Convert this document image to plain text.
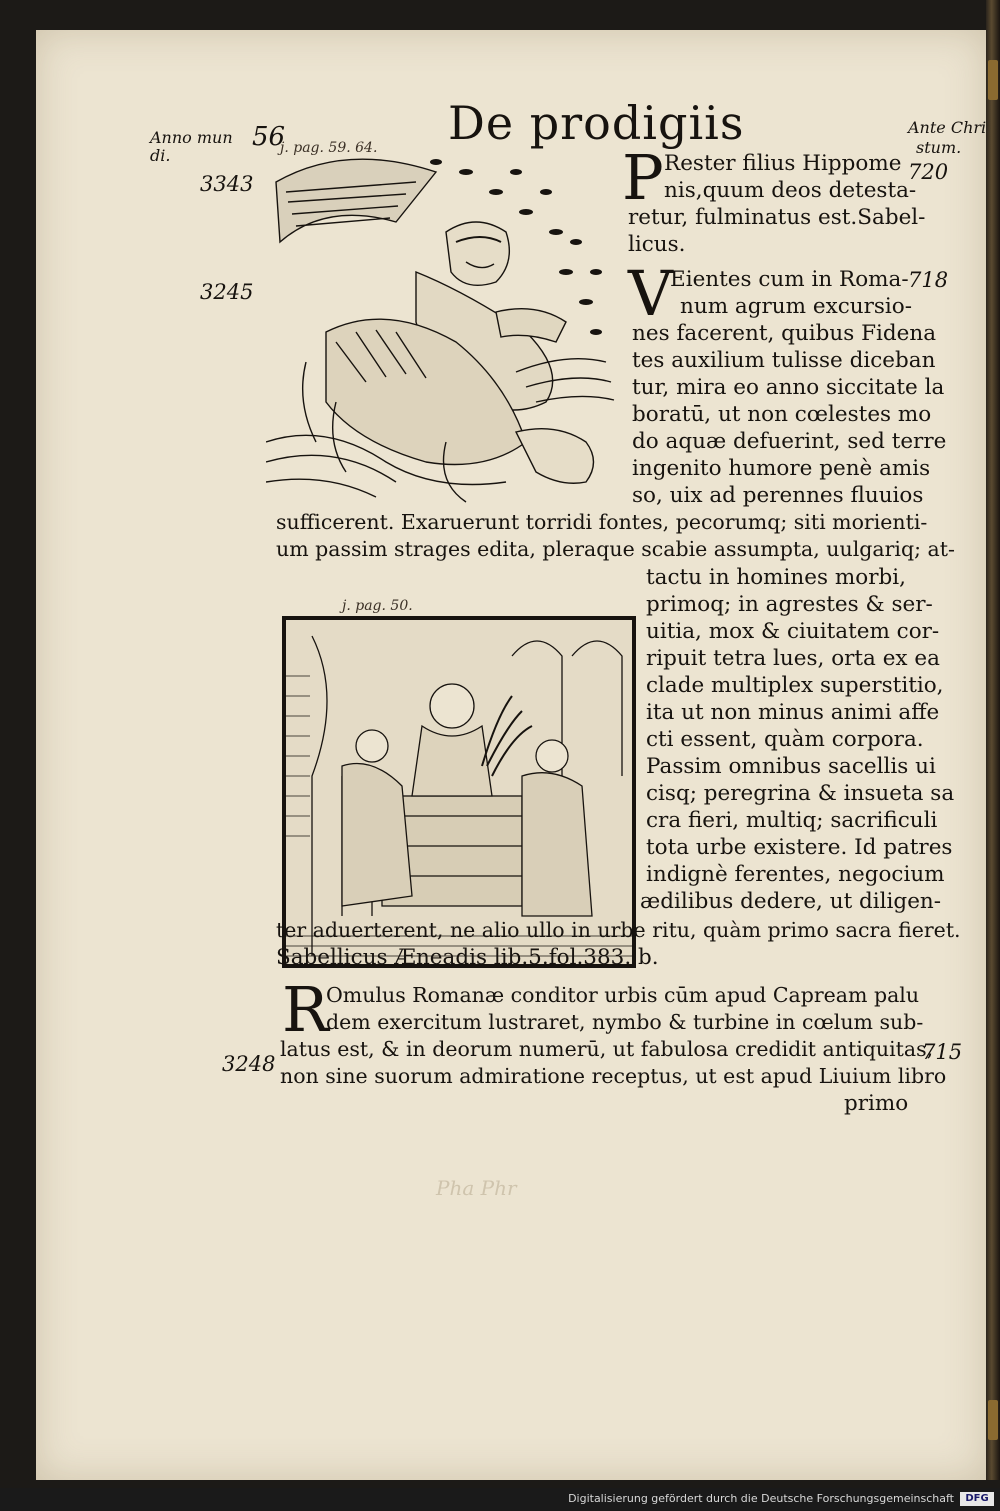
Anno mun
di.
56	De prodigiis	Ante Chri
stum.
j. pag. 59. 64.
j. pag. 50.
3343
3245
3248
720
718
715
P Rester filius Hippome
nis,quum deos detesta-
retur, fulminatus est.Sabel-
licus.
V
Eientes cum in Roma-
num agrum excursio-
nes facerent, quibus Fidena
tes auxilium tulisse diceban
tur, mira eo anno siccitate la
boratū, ut non cœlestes mo
do aquæ defuerint, sed terre
ingenito humore penè amis
so, uix ad perennes fluuios
sufficerent. Exaruerunt torridi fontes, pecorumq; siti morienti-
um passim strages edita, pleraque scabie assumpta, uulgariq; at-
tactu in homines morbi,
primoq; in agrestes & ser-
uitia, mox & ciuitatem cor-
ripuit tetra lues, orta ex ea
clade multiplex superstitio,
ita ut non minus animi affe
cti essent, quàm corpora.
Passim omnibus sacellis ui
cisq; peregrina & insueta sa
cra fieri, multiq; sacrificuli
tota urbe existere. Id patres
indignè ferentes, negocium
ædilibus dedere, ut diligen-
ter aduerterent, ne alio ullo in urbe ritu, quàm primo sacra fieret.
Sabellicus Æneadis lib.5.fol.383. b.
R
Omulus Romanæ conditor urbis cūm apud Capream palu
dem exercitum lustraret, nymbo & turbine in cœlum sub-
latus est, & in deorum numerū, ut fabulosa credidit antiquitas,
non sine suorum admiratione receptus, ut est apud Liuium libro
primo
Pha Phr
Digitalisierung gefördert durch die Deutsche Forschungsgemeinschaft	DFG
